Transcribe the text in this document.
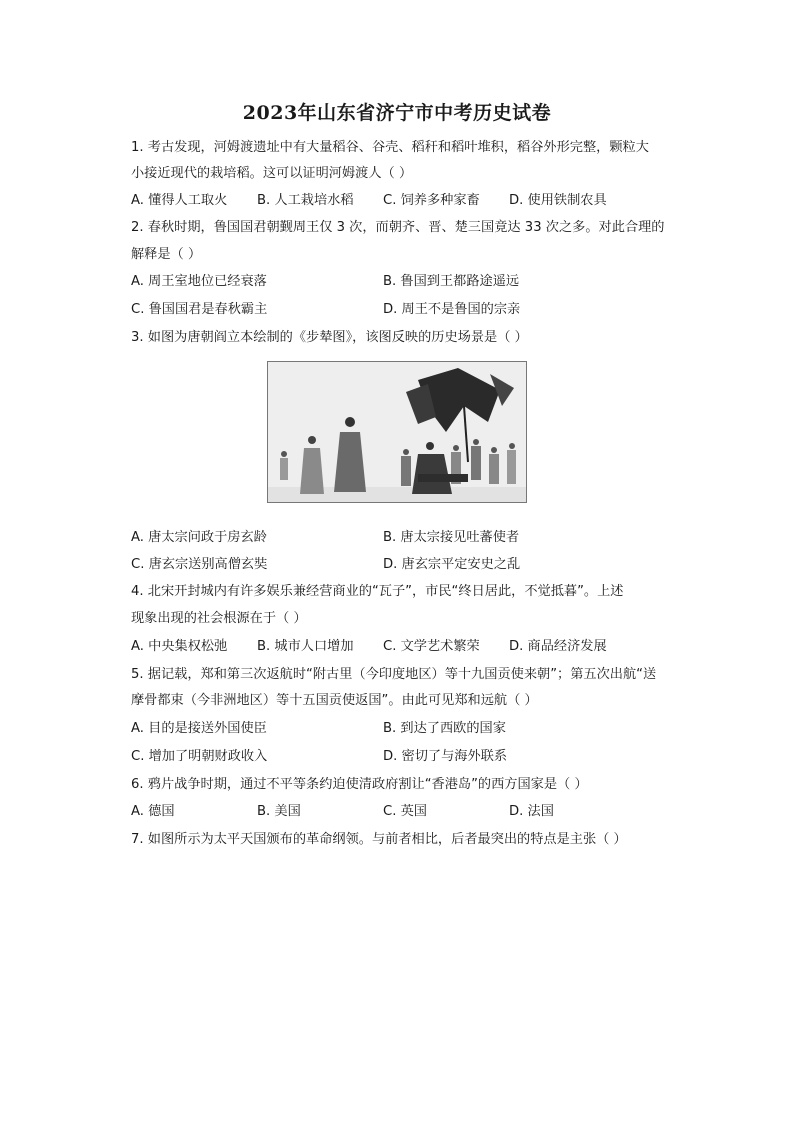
2023年山东省济宁市中考历史试卷
1. 考古发现，河姆渡遗址中有大量稻谷、谷壳、稻秆和稻叶堆积，稻谷外形完整，颗粒大
小接近现代的栽培稻。这可以证明河姆渡人（ ）
A. 懂得人工取火 B. 人工栽培水稻 C. 饲养多种家畜 D. 使用铁制农具
2. 春秋时期，鲁国国君朝觐周王仅 3 次，而朝齐、晋、楚三国竟达 33 次之多。对此合理的
解释是（ ）
A. 周王室地位已经衰落	B. 鲁国到王都路途遥远
C. 鲁国国君是春秋霸主	D. 周王不是鲁国的宗亲
3. 如图为唐朝阎立本绘制的《步辇图》，该图反映的历史场景是（ ）
A. 唐太宗问政于房玄龄	B. 唐太宗接见吐蕃使者
C. 唐玄宗送别高僧玄奘	D. 唐玄宗平定安史之乱
4. 北宋开封城内有许多娱乐兼经营商业的“瓦子”，市民“终日居此，不觉抵暮”。上述
现象出现的社会根源在于（ ）
A. 中央集权松弛 B. 城市人口增加 C. 文学艺术繁荣 D. 商品经济发展
5. 据记载，郑和第三次返航时“附古里（今印度地区）等十九国贡使来朝”；第五次出航“送
摩骨都束（今非洲地区）等十五国贡使返国”。由此可见郑和远航（ ）
A. 目的是接送外国使臣	B. 到达了西欧的国家
C. 增加了明朝财政收入	D. 密切了与海外联系
6. 鸦片战争时期，通过不平等条约迫使清政府割让“香港岛”的西方国家是（ ）
A. 德国	B. 美国	C. 英国	D. 法国
7. 如图所示为太平天国颁布的革命纲领。与前者相比，后者最突出的特点是主张（ ）
